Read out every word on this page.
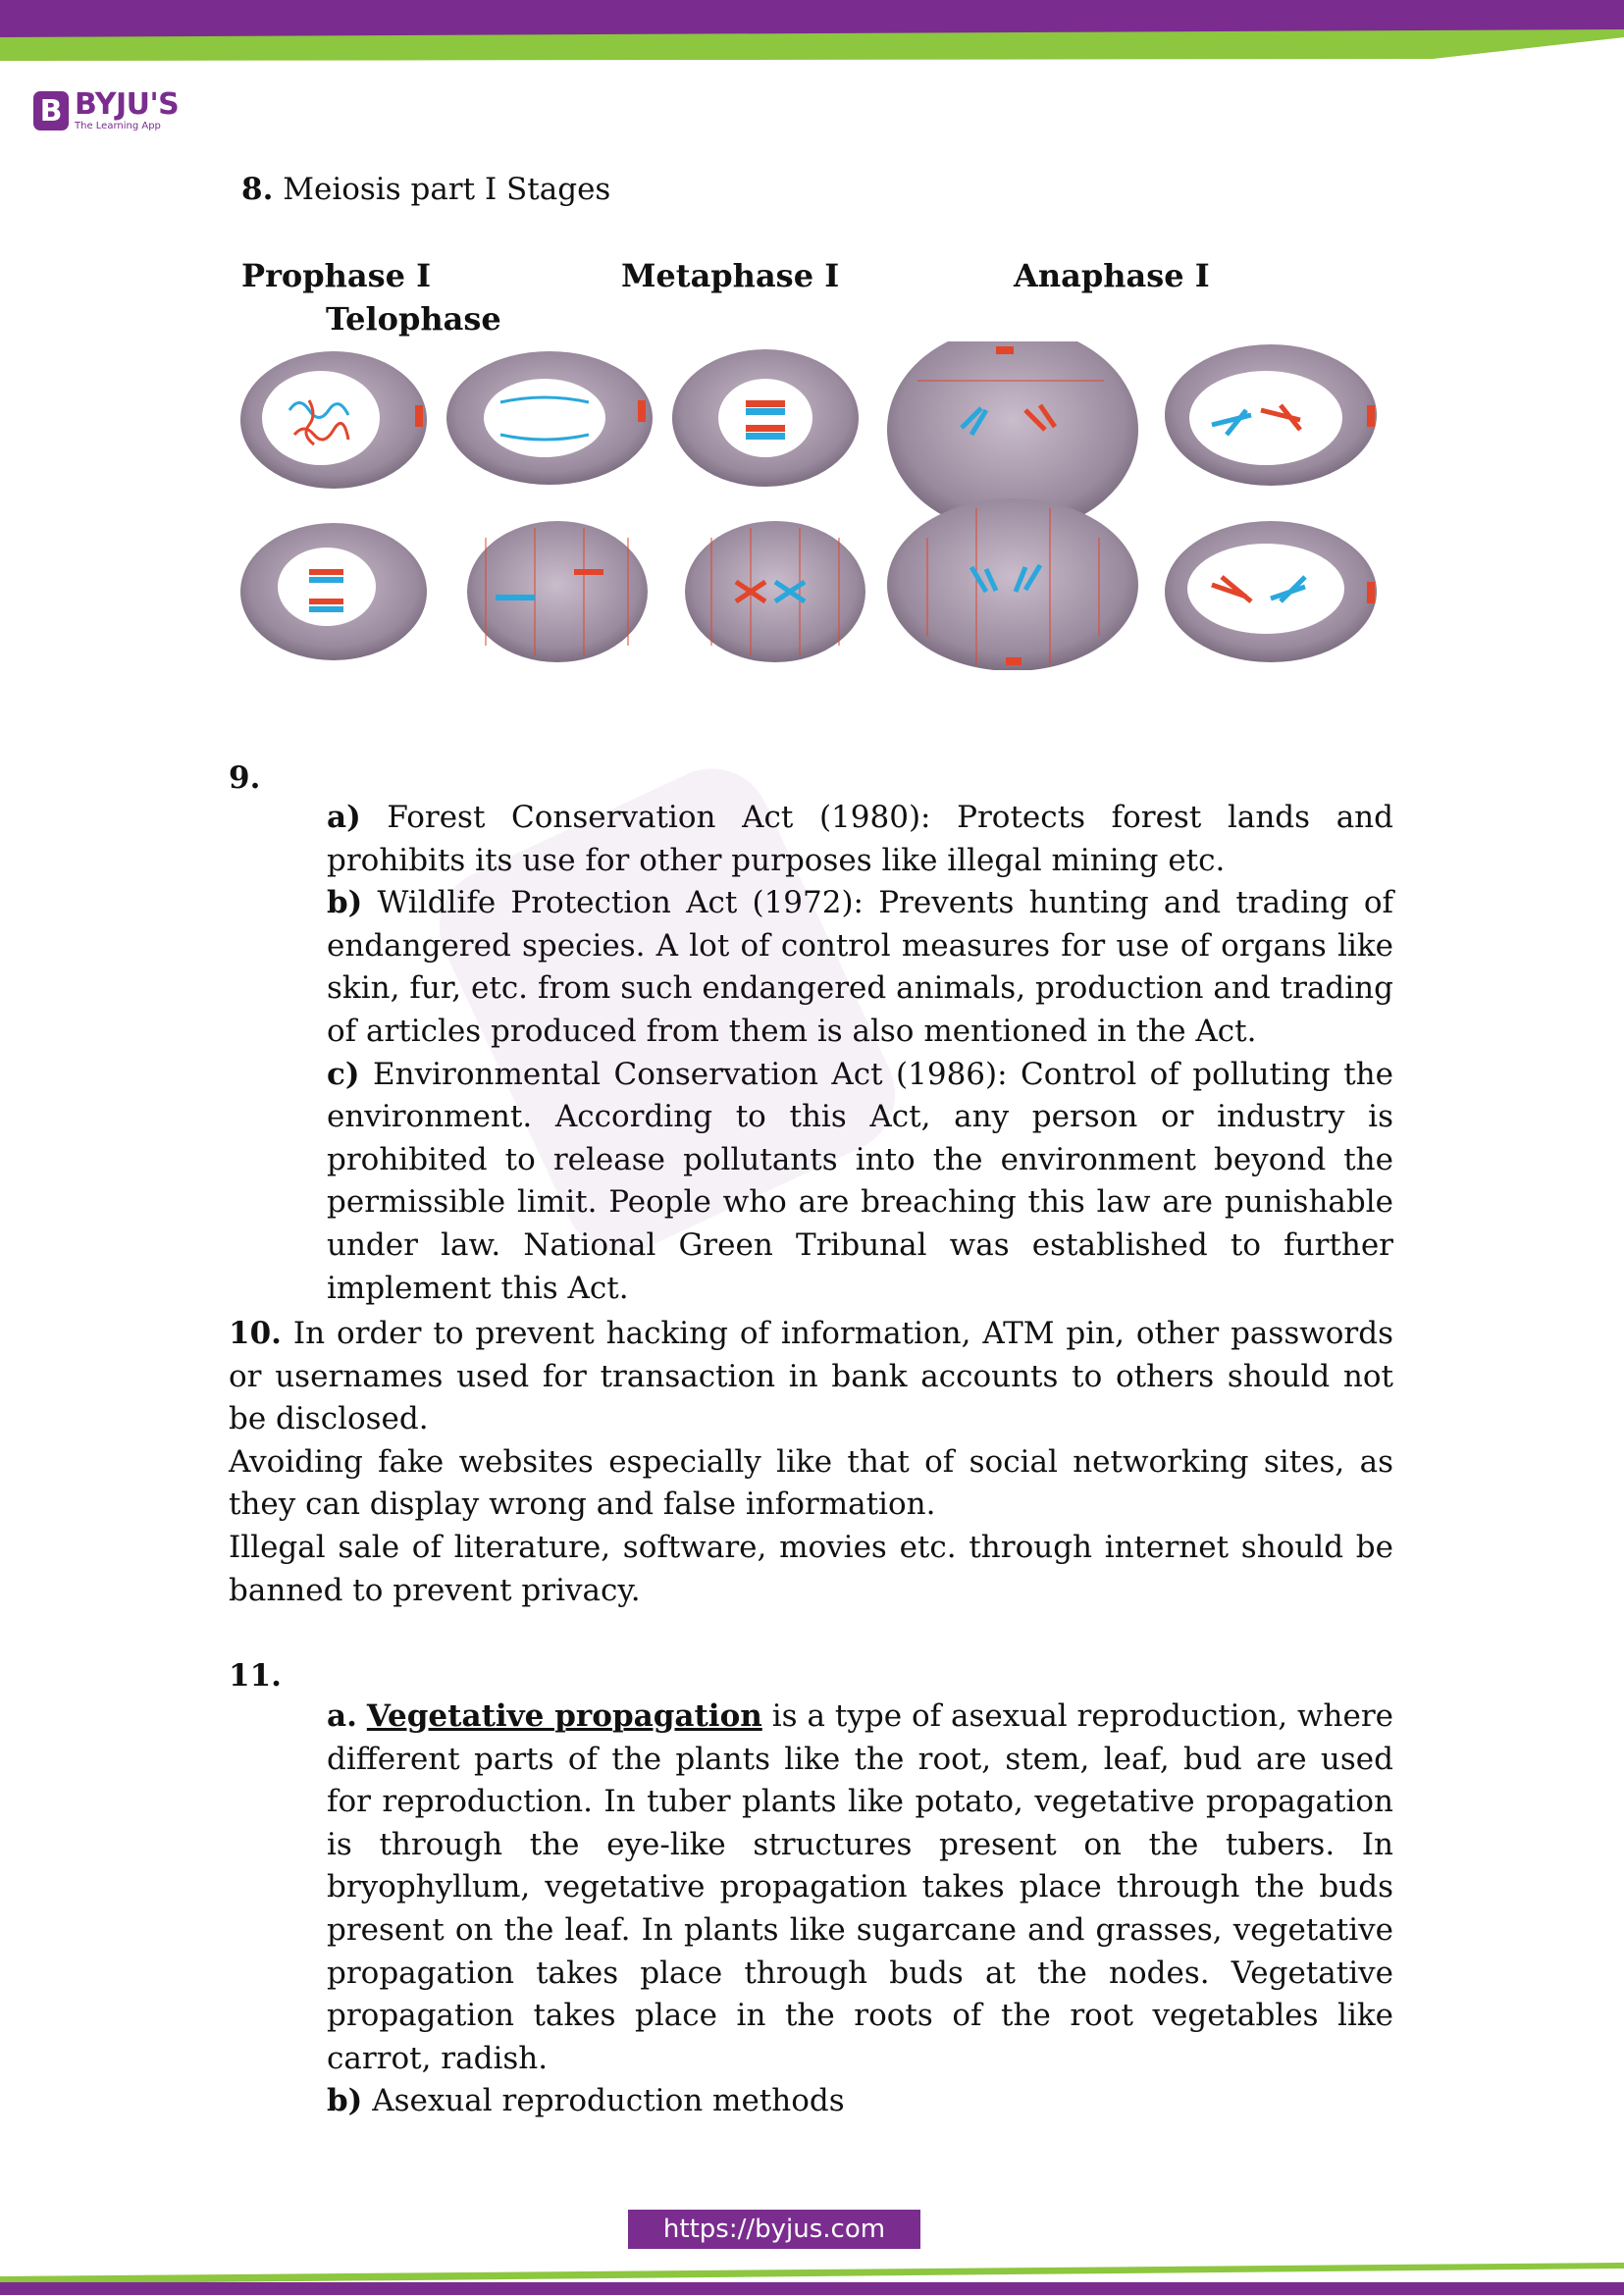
B BYJU'S
The Learning App
8. Meiosis part I Stages
Prophase I	Metaphase I	Anaphase I
Telophase
9.

a) Forest Conservation Act (1980): Protects forest lands and prohibits its use for other purposes like illegal mining etc.

b) Wildlife Protection Act (1972): Prevents hunting and trading of endangered species. A lot of control measures for use of organs like skin, fur, etc. from such endangered animals, production and trading of articles produced from them is also mentioned in the Act.

c) Environmental Conservation Act (1986): Control of polluting the environment. According to this Act, any person or industry is prohibited to release pollutants into the environment beyond the permissible limit. People who are breaching this law are punishable under law. National Green Tribunal was established to further implement this Act.

10. In order to prevent hacking of information, ATM pin, other passwords or usernames used for transaction in bank accounts to others should not be disclosed.

Avoiding fake websites especially like that of social networking sites, as they can display wrong and false information.

Illegal sale of literature, software, movies etc. through internet should be banned to prevent privacy.

11.

a. Vegetative propagation is a type of asexual reproduction, where different parts of the plants like the root, stem, leaf, bud are used for reproduction. In tuber plants like potato, vegetative propagation is through the eye-like structures present on the tubers. In bryophyllum, vegetative propagation takes place through the buds present on the leaf. In plants like sugarcane and grasses, vegetative propagation takes place through buds at the nodes. Vegetative propagation takes place in the roots of the root vegetables like carrot, radish.

b) Asexual reproduction methods

https://byjus.com
